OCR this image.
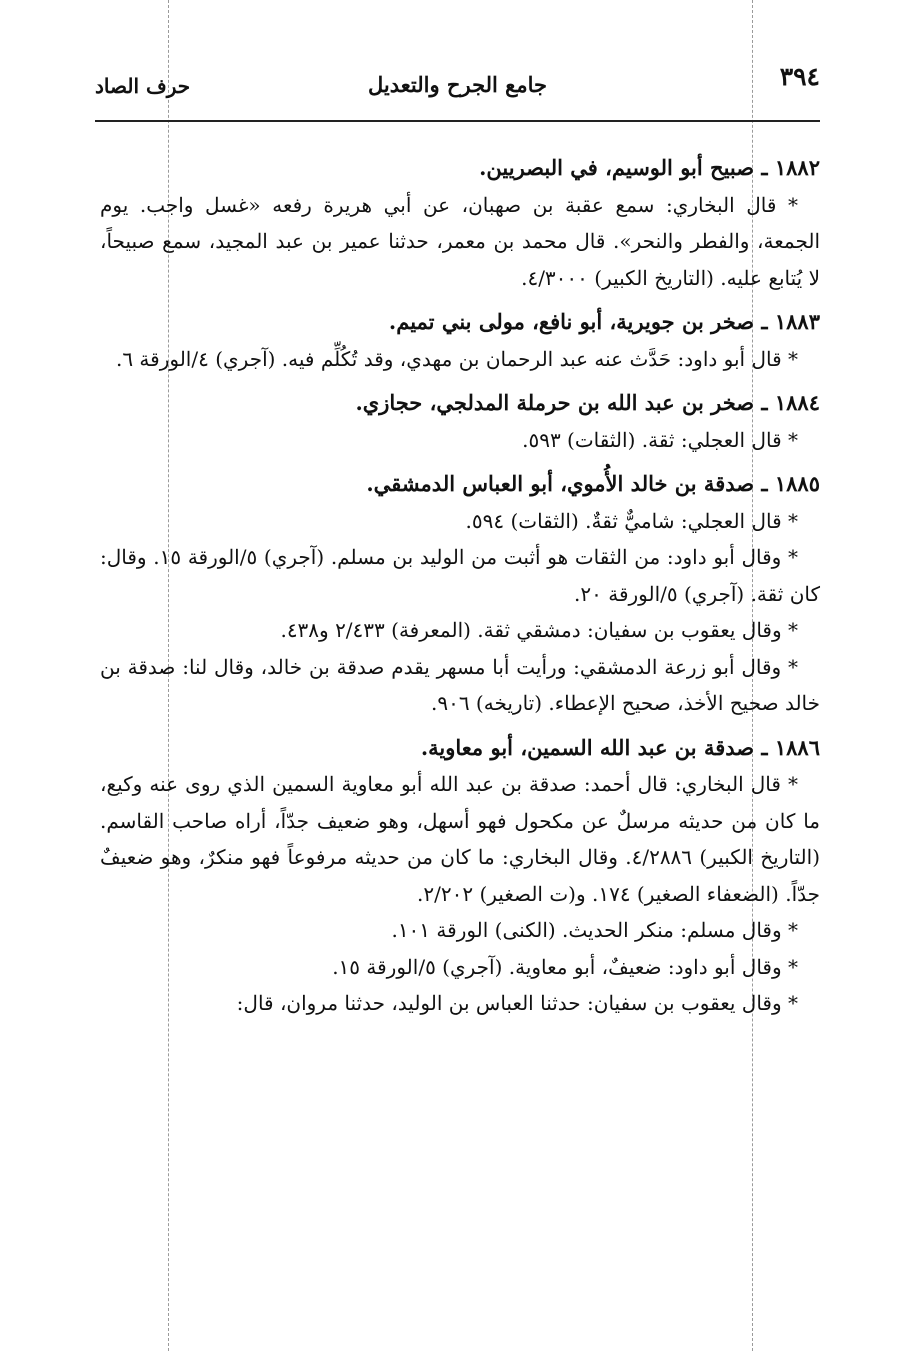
٣٩٤
جامع الجرح والتعديل
حرف الصاد

١٨٨٢ ـ صبيح أبو الوسيم، في البصريين.

* قال البخاري: سمع عقبة بن صهبان، عن أبي هريرة رفعه «غسل واجب. يوم الجمعة، والفطر والنحر». قال محمد بن معمر، حدثنا عمير بن عبد المجيد، سمع صبيحاً، لا يُتابع عليه. (التاريخ الكبير) ٤/٣٠٠٠.

١٨٨٣ ـ صخر بن جويرية، أبو نافع، مولى بني تميم.

* قال أبو داود: حَدَّث عنه عبد الرحمان بن مهدي، وقد تُكُلِّم فيه. (آجري) ٤/الورقة ٦.

١٨٨٤ ـ صخر بن عبد الله بن حرملة المدلجي، حجازي.

* قال العجلي: ثقة. (الثقات) ٥٩٣.

١٨٨٥ ـ صدقة بن خالد الأُموي، أبو العباس الدمشقي.

* قال العجلي: شاميٌّ ثقةٌ. (الثقات) ٥٩٤.

* وقال أبو داود: من الثقات هو أثبت من الوليد بن مسلم. (آجري) ٥/الورقة ١٥. وقال: كان ثقة. (آجري) ٥/الورقة ٢٠.

* وقال يعقوب بن سفيان: دمشقي ثقة. (المعرفة) ٢/٤٣٣ و٤٣٨.

* وقال أبو زرعة الدمشقي: ورأيت أبا مسهر يقدم صدقة بن خالد، وقال لنا: صدقة بن خالد صحيح الأخذ، صحيح الإعطاء. (تاريخه) ٩٠٦.

١٨٨٦ ـ صدقة بن عبد الله السمين، أبو معاوية.

* قال البخاري: قال أحمد: صدقة بن عبد الله أبو معاوية السمين الذي روى عنه وكيع، ما كان من حديثه مرسلٌ عن مكحول فهو أسهل، وهو ضعيف جدّاً، أراه صاحب القاسم. (التاريخ الكبير) ٤/٢٨٨٦. وقال البخاري: ما كان من حديثه مرفوعاً فهو منكرٌ، وهو ضعيفٌ جدّاً. (الضعفاء الصغير) ١٧٤. و(ت الصغير) ٢/٢٠٢.

* وقال مسلم: منكر الحديث. (الكنى) الورقة ١٠١.

* وقال أبو داود: ضعيفٌ، أبو معاوية. (آجري) ٥/الورقة ١٥.

* وقال يعقوب بن سفيان: حدثنا العباس بن الوليد، حدثنا مروان، قال:
